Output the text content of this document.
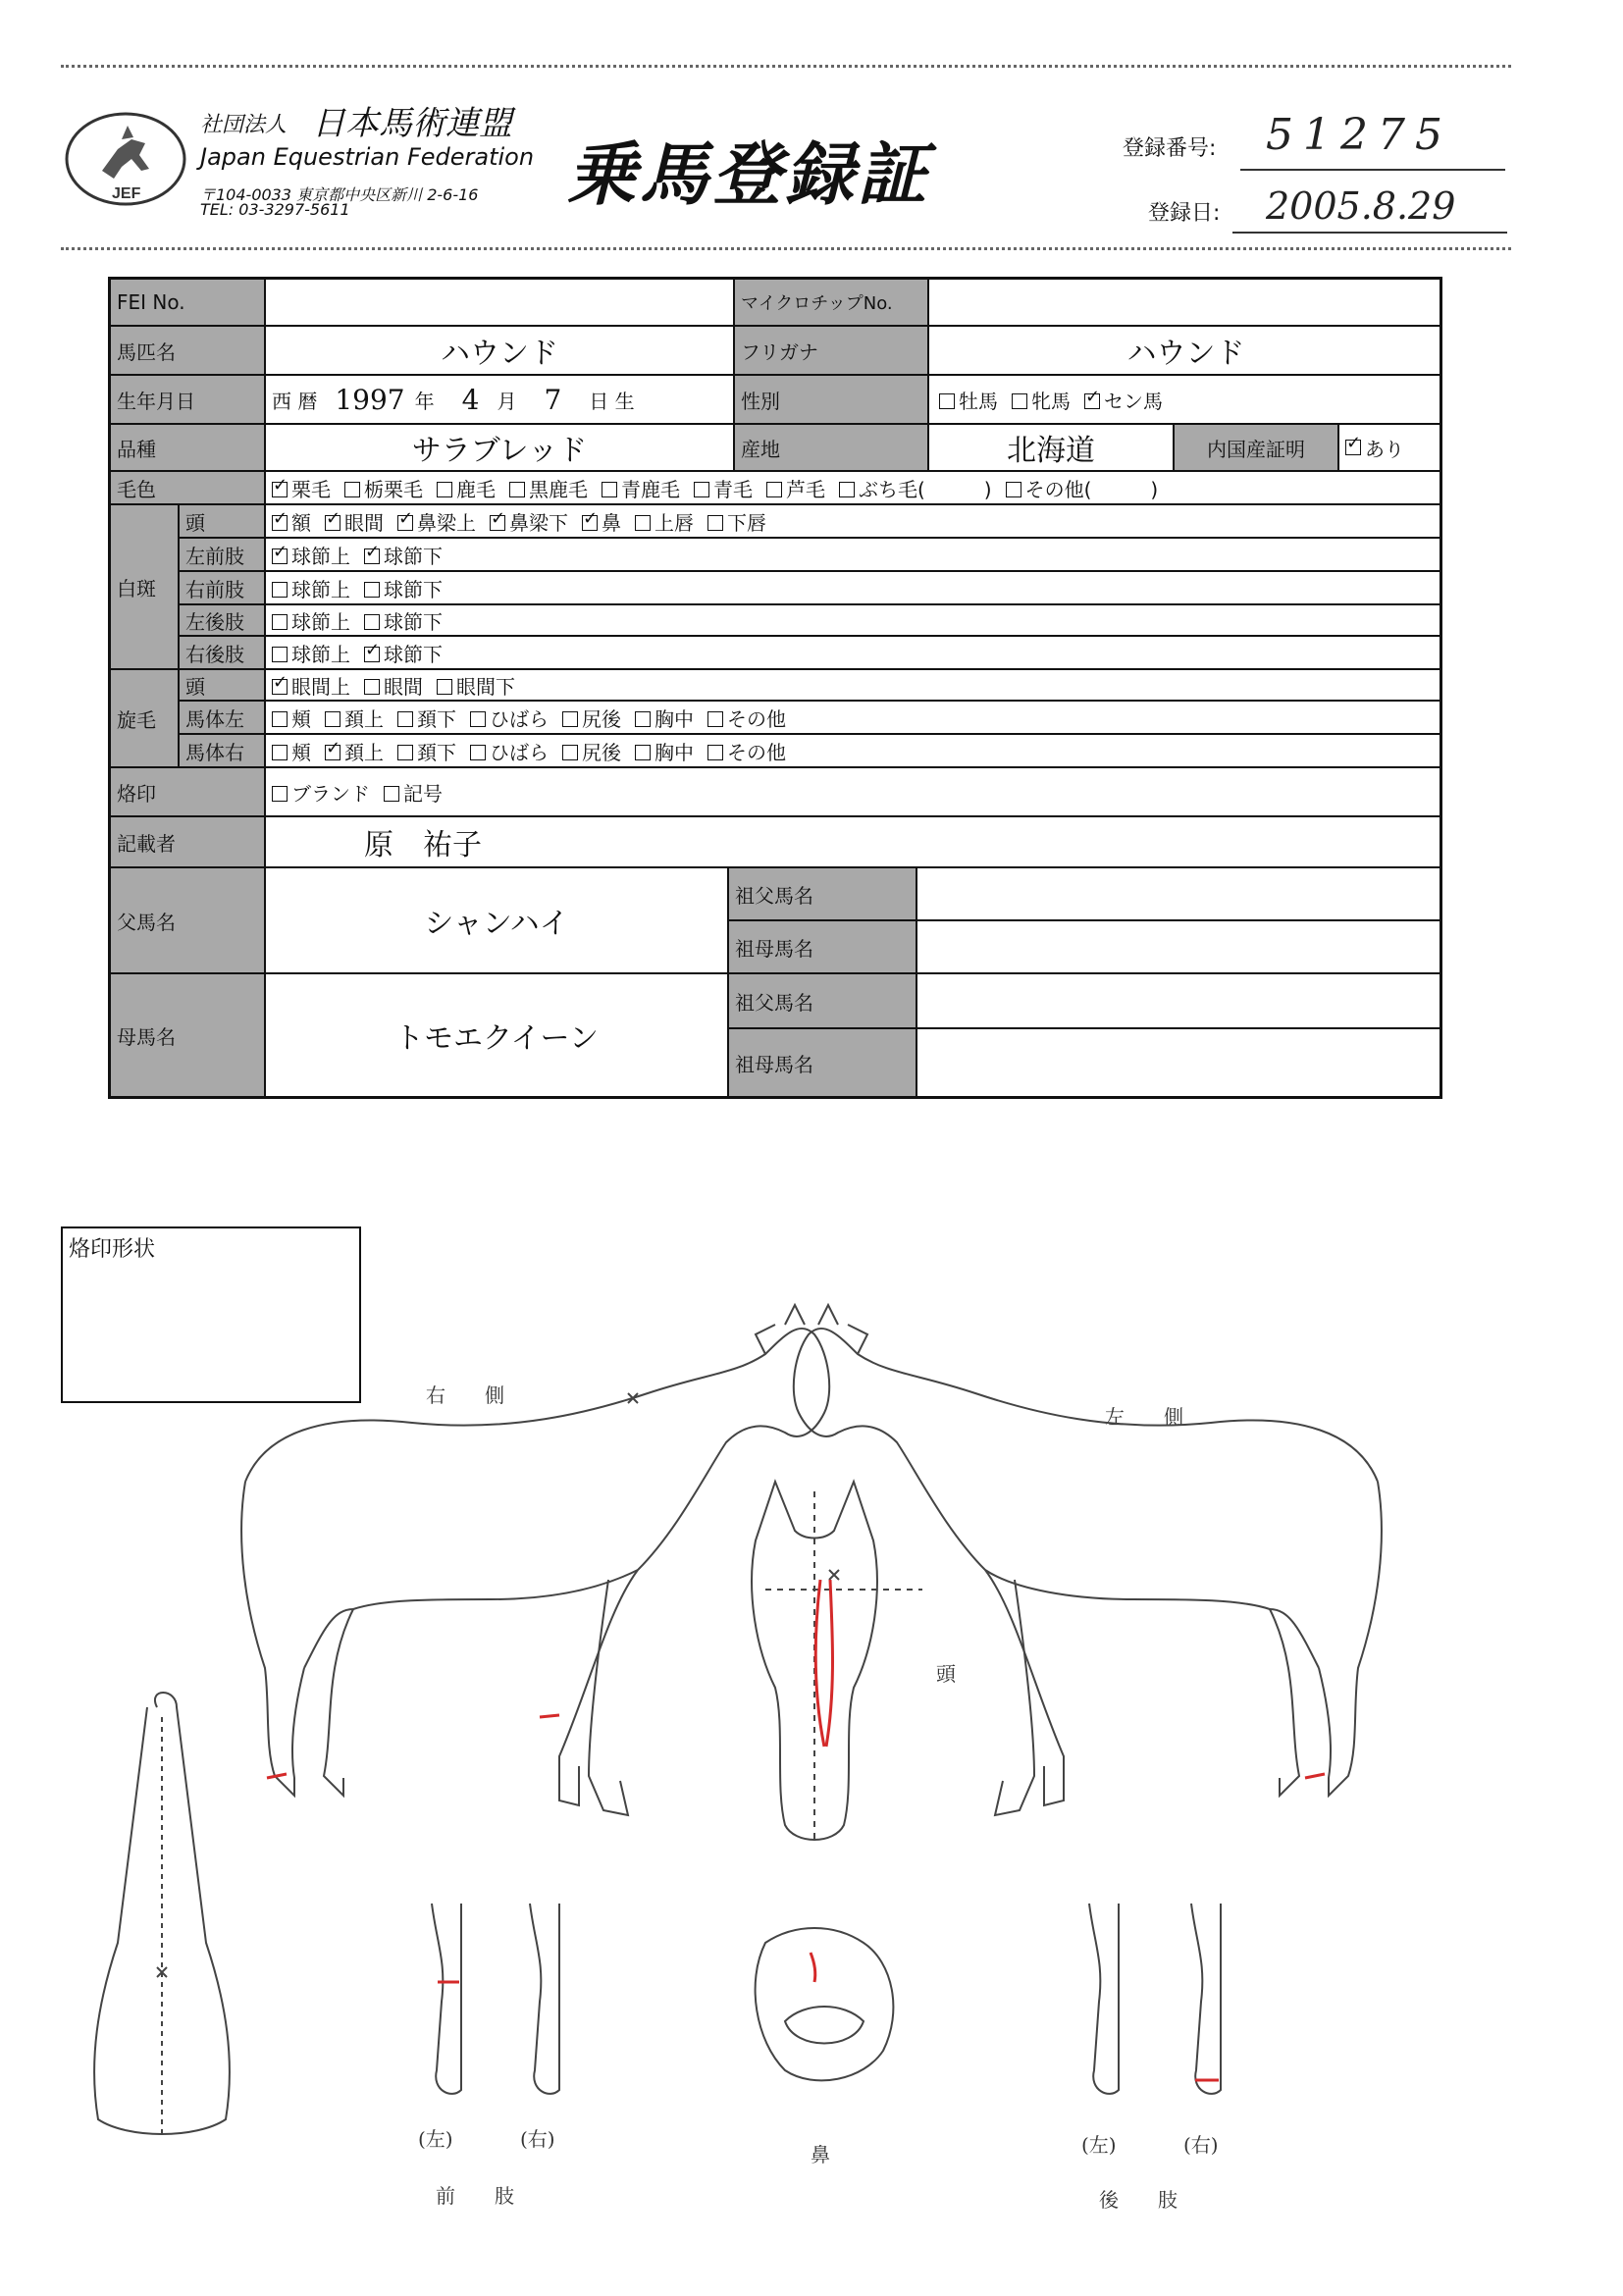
JEF
社団法人 日本馬術連盟
Japan Equestrian Federation
〒104-0033 東京都中央区新川 2-6-16
TEL: 03-3297-5611	乗馬登録証	登録番号: 51275
登録日: 2005.8.29
FEI No.	マイクロチップNo.
馬匹名	ハウンド	フリガナ	ハウンド
生年月日	西 暦 1997 年 4 月 7 日 生	性別	牡馬	牝馬 ✓	セン馬
品種	サラブレッド	産地	北海道	内国産証明 ✓	あり
毛色 ✓	栗毛	栃栗毛	鹿毛	黒鹿毛	青鹿毛	青毛	芦毛	ぶち毛(　　　)	その他(　　　)
白斑
頭 ✓	額 ✓	眼間 ✓	鼻梁上 ✓	鼻梁下 ✓	鼻	上唇	下唇
左前肢 ✓	球節上 ✓	球節下
右前肢	球節上	球節下
左後肢	球節上	球節下
右後肢	球節上 ✓	球節下
旋毛
頭 ✓	眼間上	眼間	眼間下
馬体左	頬	頚上	頚下	ひばら	尻後	胸中	その他
馬体右	頬 ✓	頚上	頚下	ひばら	尻後	胸中	その他
烙印	ブランド	記号
記載者	原　祐子
父馬名	シャンハイ
祖父馬名
祖母馬名
母馬名	トモエクイーン
祖父馬名
祖母馬名
烙印形状
右　　側
左　　側
頭
(左)	(右)
前　　肢
鼻	(左)	(右)
後　　肢
